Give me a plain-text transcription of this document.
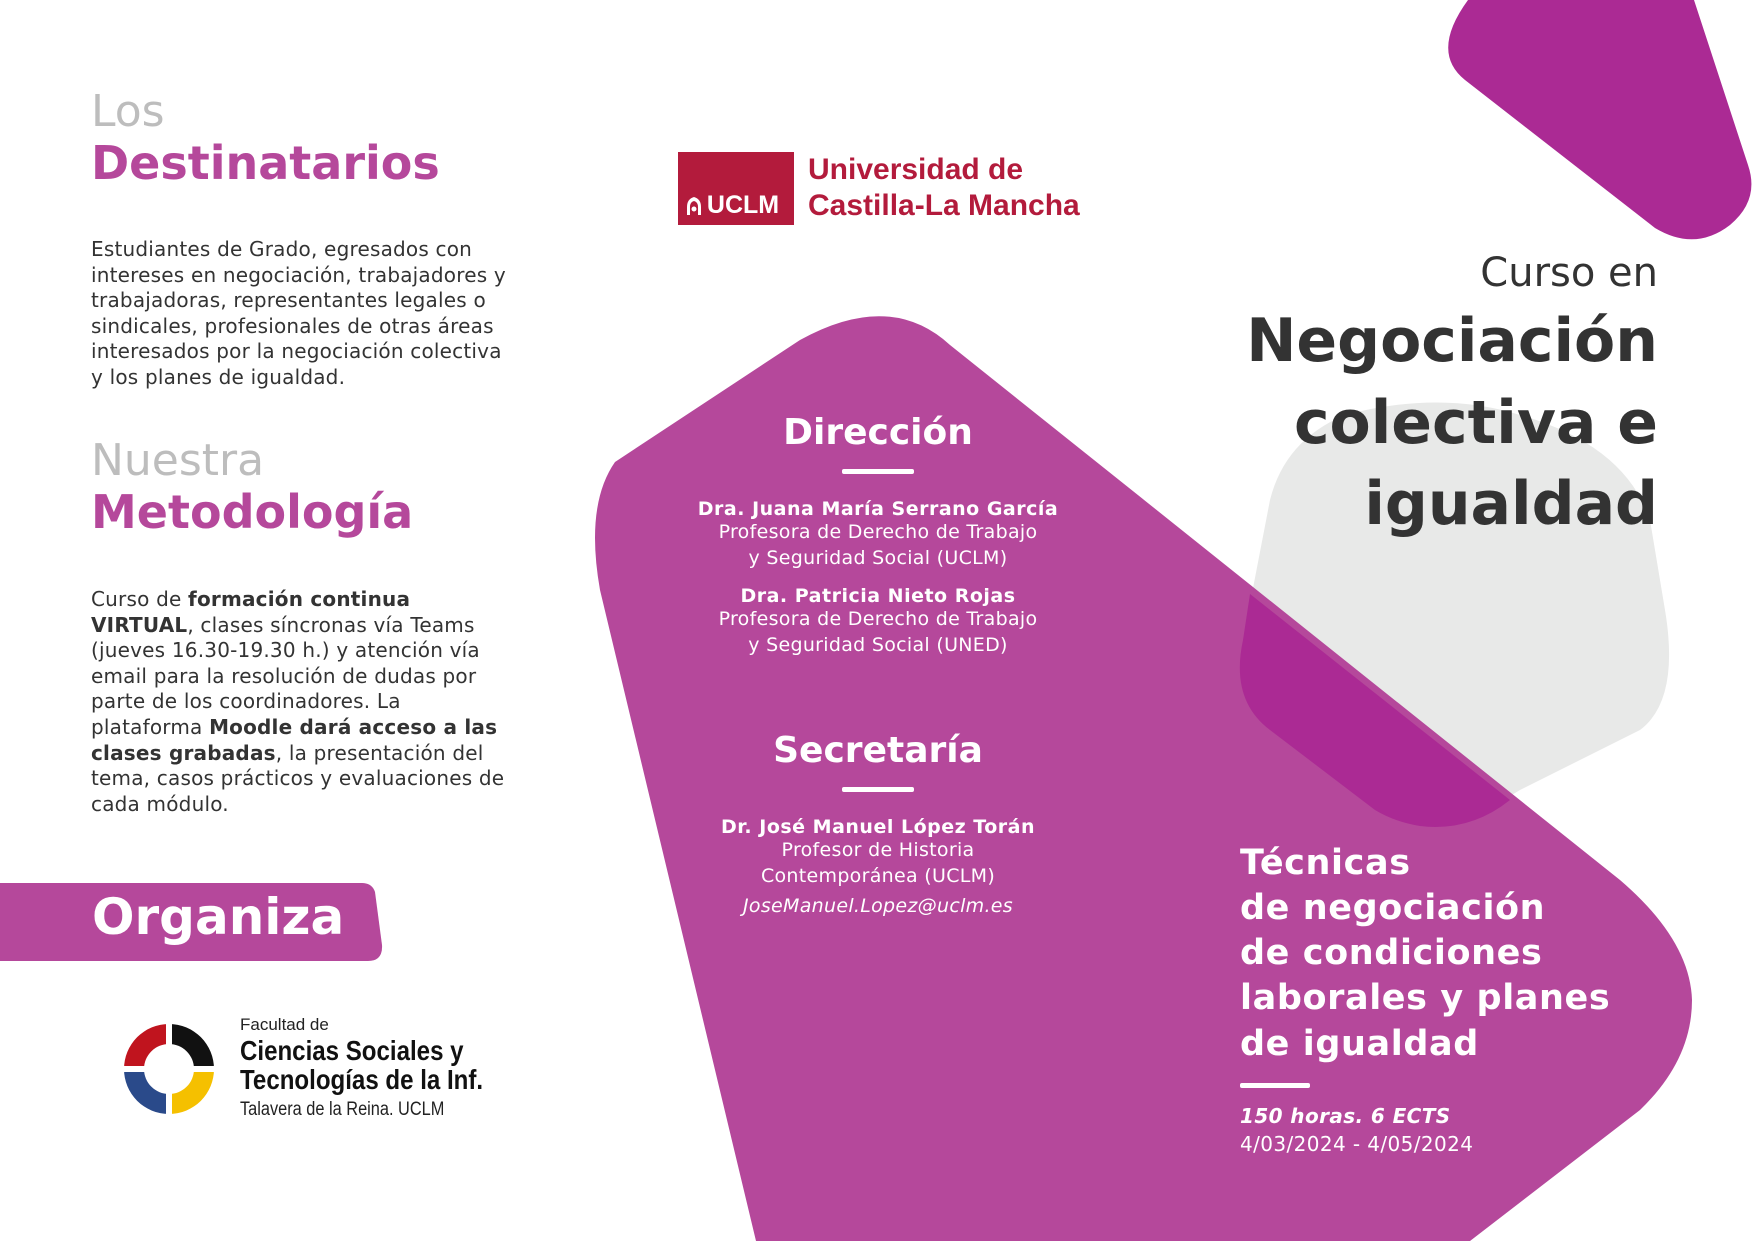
Los
Destinatarios
Estudiantes de Grado, egresados con
intereses en negociación, trabajadores y
trabajadoras, representantes legales o
sindicales, profesionales de otras áreas
interesados por la negociación colectiva
y los planes de igualdad.
Nuestra
Metodología
Curso de formación continua
VIRTUAL, clases síncronas vía Teams
(jueves 16.30-19.30 h.) y atención vía
email para la resolución de dudas por
parte de los coordinadores. La
plataforma Moodle dará acceso a las
clases grabadas, la presentación del
tema, casos prácticos y evaluaciones de
cada módulo.
Organiza
Facultad de
Ciencias Sociales y
Tecnologías de la Inf.
Talavera de la Reina. UCLM
UCLM
Universidad de
Castilla-La Mancha
Dirección
Dra. Juana María Serrano García
Profesora de Derecho de Trabajo
y Seguridad Social (UCLM)
Dra. Patricia Nieto Rojas
Profesora de Derecho de Trabajo
y Seguridad Social (UNED)
Secretaría
Dr. José Manuel López Torán
Profesor de Historia
Contemporánea (UCLM)
JoseManuel.Lopez@uclm.es
Curso en
Negociación
colectiva e
igualdad
Técnicas
de negociación
de condiciones
laborales y planes
de igualdad
150 horas. 6 ECTS
4/03/2024 - 4/05/2024
